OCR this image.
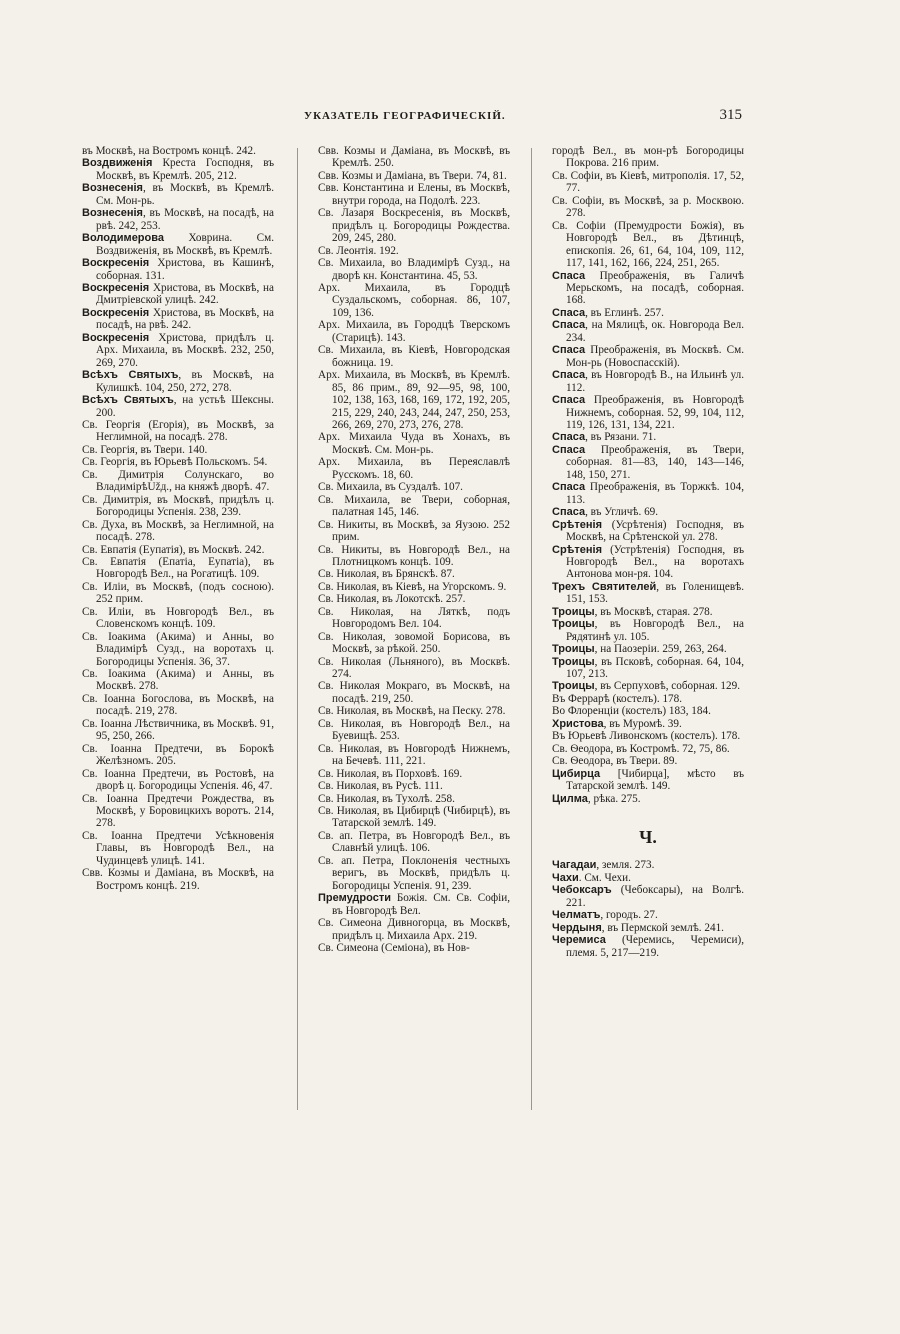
УКАЗАТЕЛЬ ГЕОГРАФИЧЕСКІЙ.	315

въ Москвѣ, на Востромъ концѣ. 242.

Воздвиженія Креста Господня, въ Москвѣ, въ Кремлѣ. 205, 212.

Вознесенія, въ Москвѣ, въ Кремлѣ. См. Мон-рь.

Вознесенія, въ Москвѣ, на посадѣ, на рвѣ. 242, 253.

Володимерова Ховрина. См. Воздвиженія, въ Москвѣ, въ Кремлѣ.

Воскресенія Христова, въ Кашинѣ, соборная. 131.

Воскресенія Христова, въ Москвѣ, на Дмитріевской улицѣ. 242.

Воскресенія Христова, въ Москвѣ, на посадѣ, на рвѣ. 242.

Воскресенія Христова, придѣлъ ц. Арх. Михаила, въ Москвѣ. 232, 250, 269, 270.

Всѣхъ Святыхъ, въ Москвѣ, на Кулишкѣ. 104, 250, 272, 278.

Всѣхъ Святыхъ, на устьѣ Шексны. 200.

Св. Георгія (Егорія), въ Москвѣ, за Неглимной, на посадѣ. 278.

Св. Георгія, въ Твери. 140.

Св. Георгія, въ Юрьевѣ Польскомъ. 54.

Св. Димитрія Солунскаго, во ВладимірѣUžд., на княжѣ дворѣ. 47.

Св. Димитрія, въ Москвѣ, придѣлъ ц. Богородицы Успенія. 238, 239.

Св. Духа, въ Москвѣ, за Неглимной, на посадѣ. 278.

Св. Евпатія (Еупатія), въ Москвѣ. 242.

Св. Евпатія (Епатіа, Еупатіа), въ Новгородѣ Вел., на Рогатицѣ. 109.

Св. Иліи, въ Москвѣ, (подъ сосною). 252 прим.

Св. Иліи, въ Новгородѣ Вел., въ Словенскомъ концѣ. 109.

Св. Іоакима (Акима) и Анны, во Владимірѣ Сузд., на воротахъ ц. Богородицы Успенія. 36, 37.

Св. Іоакима (Акима) и Анны, въ Москвѣ. 278.

Св. Іоанна Богослова, въ Москвѣ, на посадѣ. 219, 278.

Св. Іоанна Лѣствичника, въ Москвѣ. 91, 95, 250, 266.

Св. Іоанна Предтечи, въ Борокѣ Желѣзномъ. 205.

Св. Іоанна Предтечи, въ Ростовѣ, на дворѣ ц. Богородицы Успенія. 46, 47.

Св. Іоанна Предтечи Рождества, въ Москвѣ, у Боровицкихъ воротъ. 214, 278.

Св. Іоанна Предтечи Усѣкновенія Главы, въ Новгородѣ Вел., на Чудинцевѣ улицѣ. 141.

Свв. Козмы и Даміана, въ Москвѣ, на Востромъ концѣ. 219.

Свв. Козмы и Даміана, въ Москвѣ, въ Кремлѣ. 250.

Свв. Козмы и Даміана, въ Твери. 74, 81.

Свв. Константина и Елены, въ Москвѣ, внутри города, на Подолѣ. 223.

Св. Лазаря Воскресенія, въ Москвѣ, придѣлъ ц. Богородицы Рождества. 209, 245, 280.

Св. Леонтія. 192.

Св. Михаила, во Владимірѣ Сузд., на дворѣ кн. Константина. 45, 53.

Арх. Михаила, въ Городцѣ Суздальскомъ, соборная. 86, 107, 109, 136.

Арх. Михаила, въ Городцѣ Тверскомъ (Старицѣ). 143.

Св. Михаила, въ Кіевѣ, Новгородская божница. 19.

Арх. Михаила, въ Москвѣ, въ Кремлѣ. 85, 86 прим., 89, 92—95, 98, 100, 102, 138, 163, 168, 169, 172, 192, 205, 215, 229, 240, 243, 244, 247, 250, 253, 266, 269, 270, 273, 276, 278.

Арх. Михаила Чуда въ Хонахъ, въ Москвѣ. См. Мон-рь.

Арх. Михаила, въ Переяславлѣ Русскомъ. 18, 60.

Св. Михаила, въ Суздалѣ. 107.

Св. Михаила, ве Твери, соборная, палатная 145, 146.

Св. Никиты, въ Москвѣ, за Яузою. 252 прим.

Св. Никиты, въ Новгородѣ Вел., на Плотницкомъ концѣ. 109.

Св. Николая, въ Брянскѣ. 87.

Св. Николая, въ Кіевѣ, на Угорскомъ. 9.

Св. Николая, въ Локотскѣ. 257.

Св. Николая, на Ляткѣ, подъ Новгородомъ Вел. 104.

Св. Николая, зовомой Борисова, въ Москвѣ, за рѣкой. 250.

Св. Николая (Льняного), въ Москвѣ. 274.

Св. Николая Мокраго, въ Москвѣ, на посадѣ. 219, 250.

Св. Николая, въ Москвѣ, на Песку. 278.

Св. Николая, въ Новгородѣ Вел., на Буевищѣ. 253.

Св. Николая, въ Новгородѣ Нижнемъ, на Бечевѣ. 111, 221.

Св. Николая, въ Порховѣ. 169.

Св. Николая, въ Русѣ. 111.

Св. Николая, въ Тухолѣ. 258.

Св. Николая, въ Цибирцѣ (Чибирцѣ), въ Татарской землѣ. 149.

Св. ап. Петра, въ Новгородѣ Вел., въ Славнѣй улицѣ. 106.

Св. ап. Петра, Поклоненія честныхъ веригъ, въ Москвѣ, придѣлъ ц. Богородицы Успенія. 91, 239.

Премудрости Божія. См. Св. Софіи, въ Новгородѣ Вел.

Св. Симеона Дивногорца, въ Москвѣ, придѣлъ ц. Михаила Арх. 219.

Св. Симеона (Семіона), въ Нов-

городѣ Вел., въ мон-рѣ Богородицы Покрова. 216 прим.

Св. Софіи, въ Кіевѣ, митрополія. 17, 52, 77.

Св. Софіи, въ Москвѣ, за р. Москвою. 278.

Св. Софіи (Премудрости Божія), въ Новгородѣ Вел., въ Дѣтинцѣ, епископія. 26, 61, 64, 104, 109, 112, 117, 141, 162, 166, 224, 251, 265.

Спаса Преображенія, въ Галичѣ Мерьскомъ, на посадѣ, соборная. 168.

Спаса, въ Еглинѣ. 257.

Спаса, на Мялицѣ, ок. Новгорода Вел. 234.

Спаса Преображенія, въ Москвѣ. См. Мон-рь (Новоспасскій).

Спаса, въ Новгородѣ В., на Ильинѣ ул. 112.

Спаса Преображенія, въ Новгородѣ Нижнемъ, соборная. 52, 99, 104, 112, 119, 126, 131, 134, 221.

Спаса, въ Рязани. 71.

Спаса Преображенія, въ Твери, соборная. 81—83, 140, 143—146, 148, 150, 271.

Спаса Преображенія, въ Торжкѣ. 104, 113.

Спаса, въ Угличѣ. 69.

Срѣтенія (Усрѣтенія) Господня, въ Москвѣ, на Срѣтенской ул. 278.

Срѣтенія (Устрѣтенія) Господня, въ Новгородѣ Вел., на воротахъ Антонова мон-ря. 104.

Трехъ Святителей, въ Голенищевѣ. 151, 153.

Троицы, въ Москвѣ, старая. 278.

Троицы, въ Новгородѣ Вел., на Рядятинѣ ул. 105.

Троицы, на Паозеріи. 259, 263, 264.

Троицы, въ Псковѣ, соборная. 64, 104, 107, 213.

Троицы, въ Серпуховѣ, соборная. 129.

Въ Феррарѣ (костелъ). 178.

Во Флоренціи (костелъ) 183, 184.

Христова, въ Муромѣ. 39.

Въ Юрьевѣ Ливонскомъ (костелъ). 178.

Св. Ѳеодора, въ Костромѣ. 72, 75, 86.

Св. Ѳеодора, въ Твери. 89.

Цибирца [Чибирца], мѣсто въ Татарской землѣ. 149.

Цилма, рѣка. 275.

Ч.

Чагадаи, земля. 273.

Чахи. См. Чехи.

Чебоксаръ (Чебоксары), на Волгѣ. 221.

Челматъ, городъ. 27.

Чердыня, въ Пермской землѣ. 241.

Черемиса (Черемись, Черемиси), племя. 5, 217—219.
